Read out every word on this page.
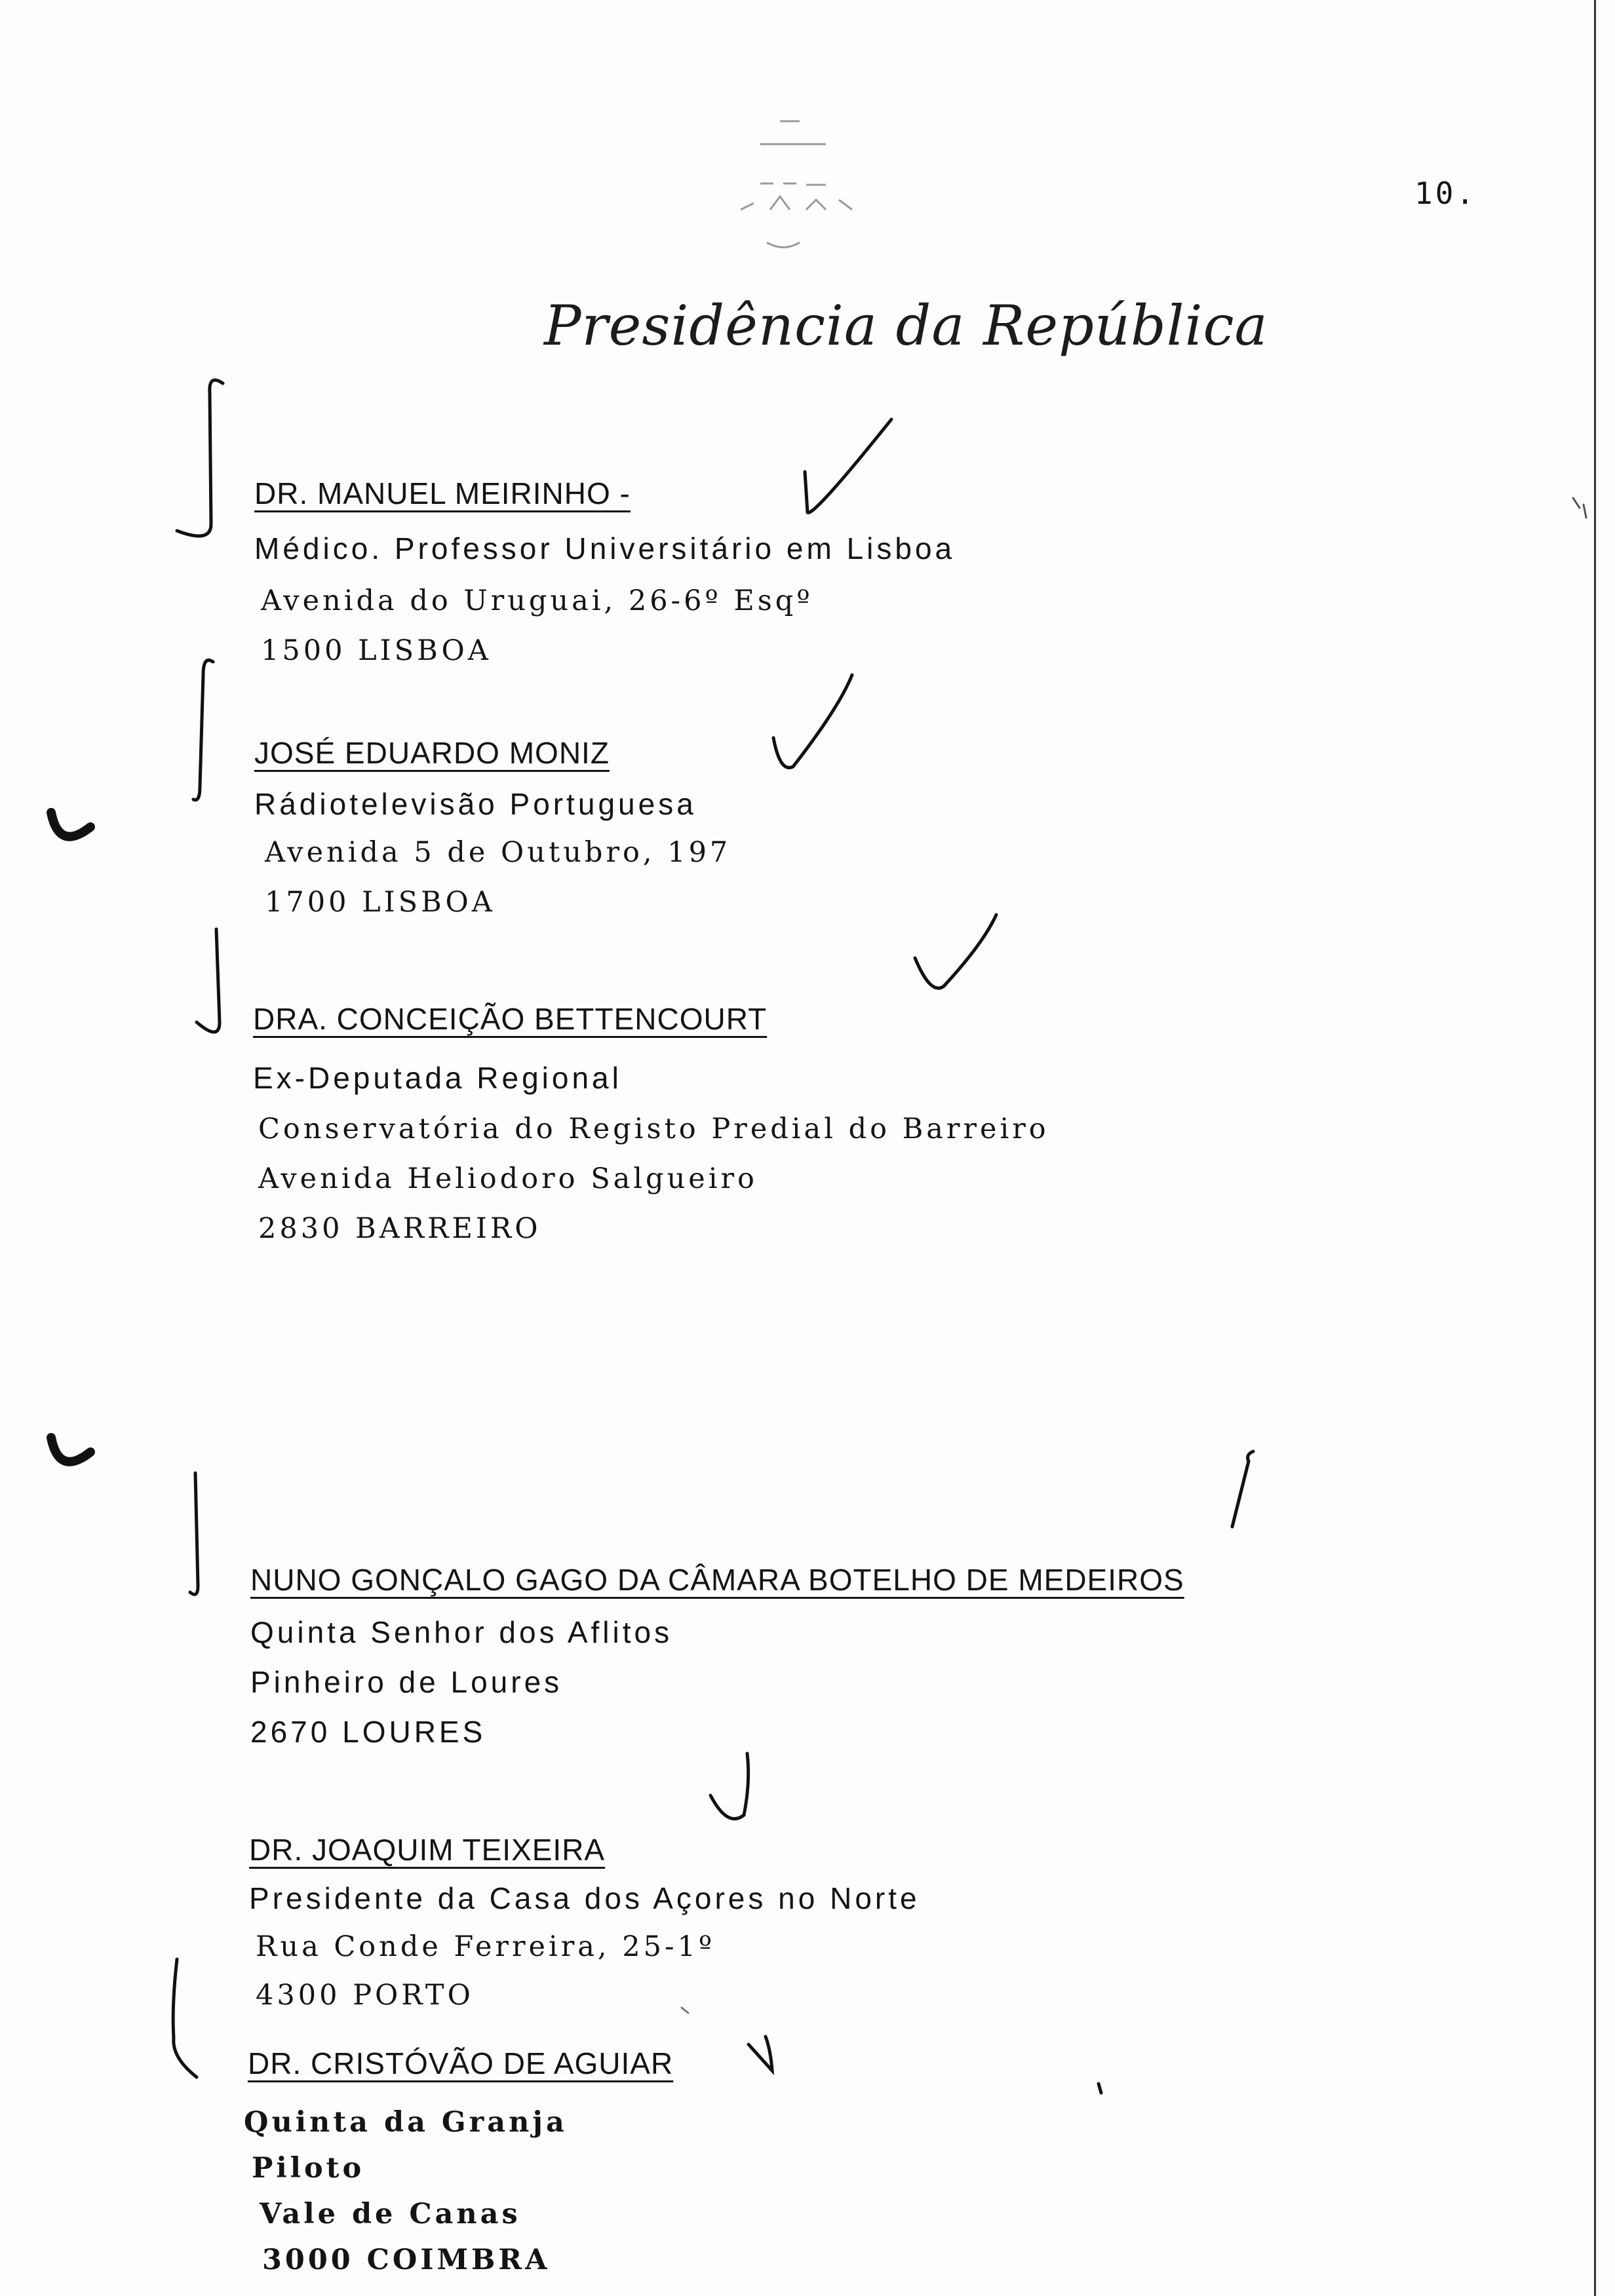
10.
Presidência da República
DR. MANUEL MEIRINHO -
Médico. Professor Universitário em Lisboa
Avenida do Uruguai, 26-6º Esqº
1500 LISBOA
JOSÉ EDUARDO MONIZ
Rádiotelevisão Portuguesa
Avenida 5 de Outubro, 197
1700 LISBOA
DRA. CONCEIÇÃO BETTENCOURT
Ex-Deputada Regional
Conservatória do Registo Predial do Barreiro
Avenida Heliodoro Salgueiro
2830 BARREIRO
NUNO GONÇALO GAGO DA CÂMARA BOTELHO DE MEDEIROS
Quinta Senhor dos Aflitos
Pinheiro de Loures
2670 LOURES
DR. JOAQUIM TEIXEIRA
Presidente da Casa dos Açores no Norte
Rua Conde Ferreira, 25-1º
4300 PORTO
DR. CRISTÓVÃO DE AGUIAR
Quinta da Granja
Piloto
Vale de Canas
3000 COIMBRA
